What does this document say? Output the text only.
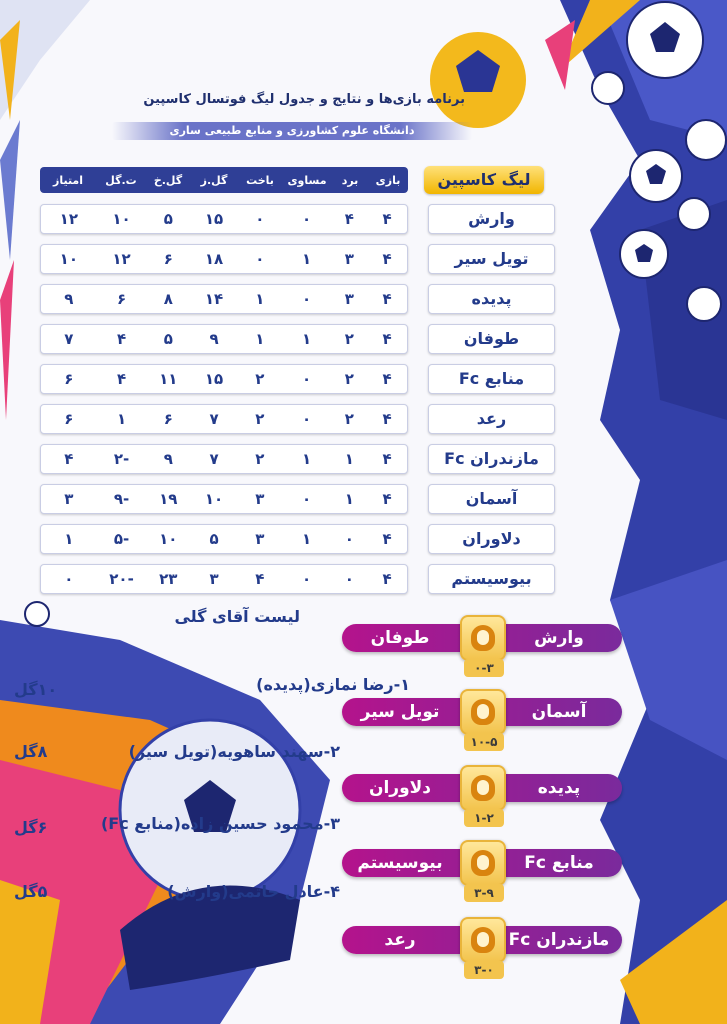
برنامه بازی‌ها و نتایج و جدول لیگ فوتسال کاسپین
دانشگاه علوم کشاورزی و منابع طبیعی ساری
لیگ کاسپین
بازی
برد
مساوی
باخت
گل.ز
گل.خ
ت.گل
امتیاز
وارش
۴
۴
۰
۰
۱۵
۵
۱۰
۱۲
تویل سیر
۴
۳
۱
۰
۱۸
۶
۱۲
۱۰
پدیده
۴
۳
۰
۱
۱۴
۸
۶
۹
طوفان
۴
۲
۱
۱
۹
۵
۴
۷
منابع Fc
۴
۲
۰
۲
۱۵
۱۱
۴
۶
رعد
۴
۲
۰
۲
۷
۶
۱
۶
مازندران Fc
۴
۱
۱
۲
۷
۹
-۲
۴
آسمان
۴
۱
۰
۳
۱۰
۱۹
-۹
۳
دلاوران
۴
۰
۱
۳
۵
۱۰
-۵
۱
بیوسیستم
۴
۰
۰
۴
۳
۲۳
-۲۰
۰
لیست آقای گلی
۱-رضا نمازی(پدیده)
۱۰گل
۲-سهند ساهویه(تویل سیر)
۸گل
۳-محمود حسین زاده(منابع Fc)
۶گل
۴-عادل حاتمی(وارش)
۵گل
وارش
طوفان
۰-۳
آسمان
تویل سیر
۱۰-۵
پدیده
دلاوران
۱-۲
منابع Fc
بیوسیستم
۳-۹
مازندران Fc
رعد
۳-۰
